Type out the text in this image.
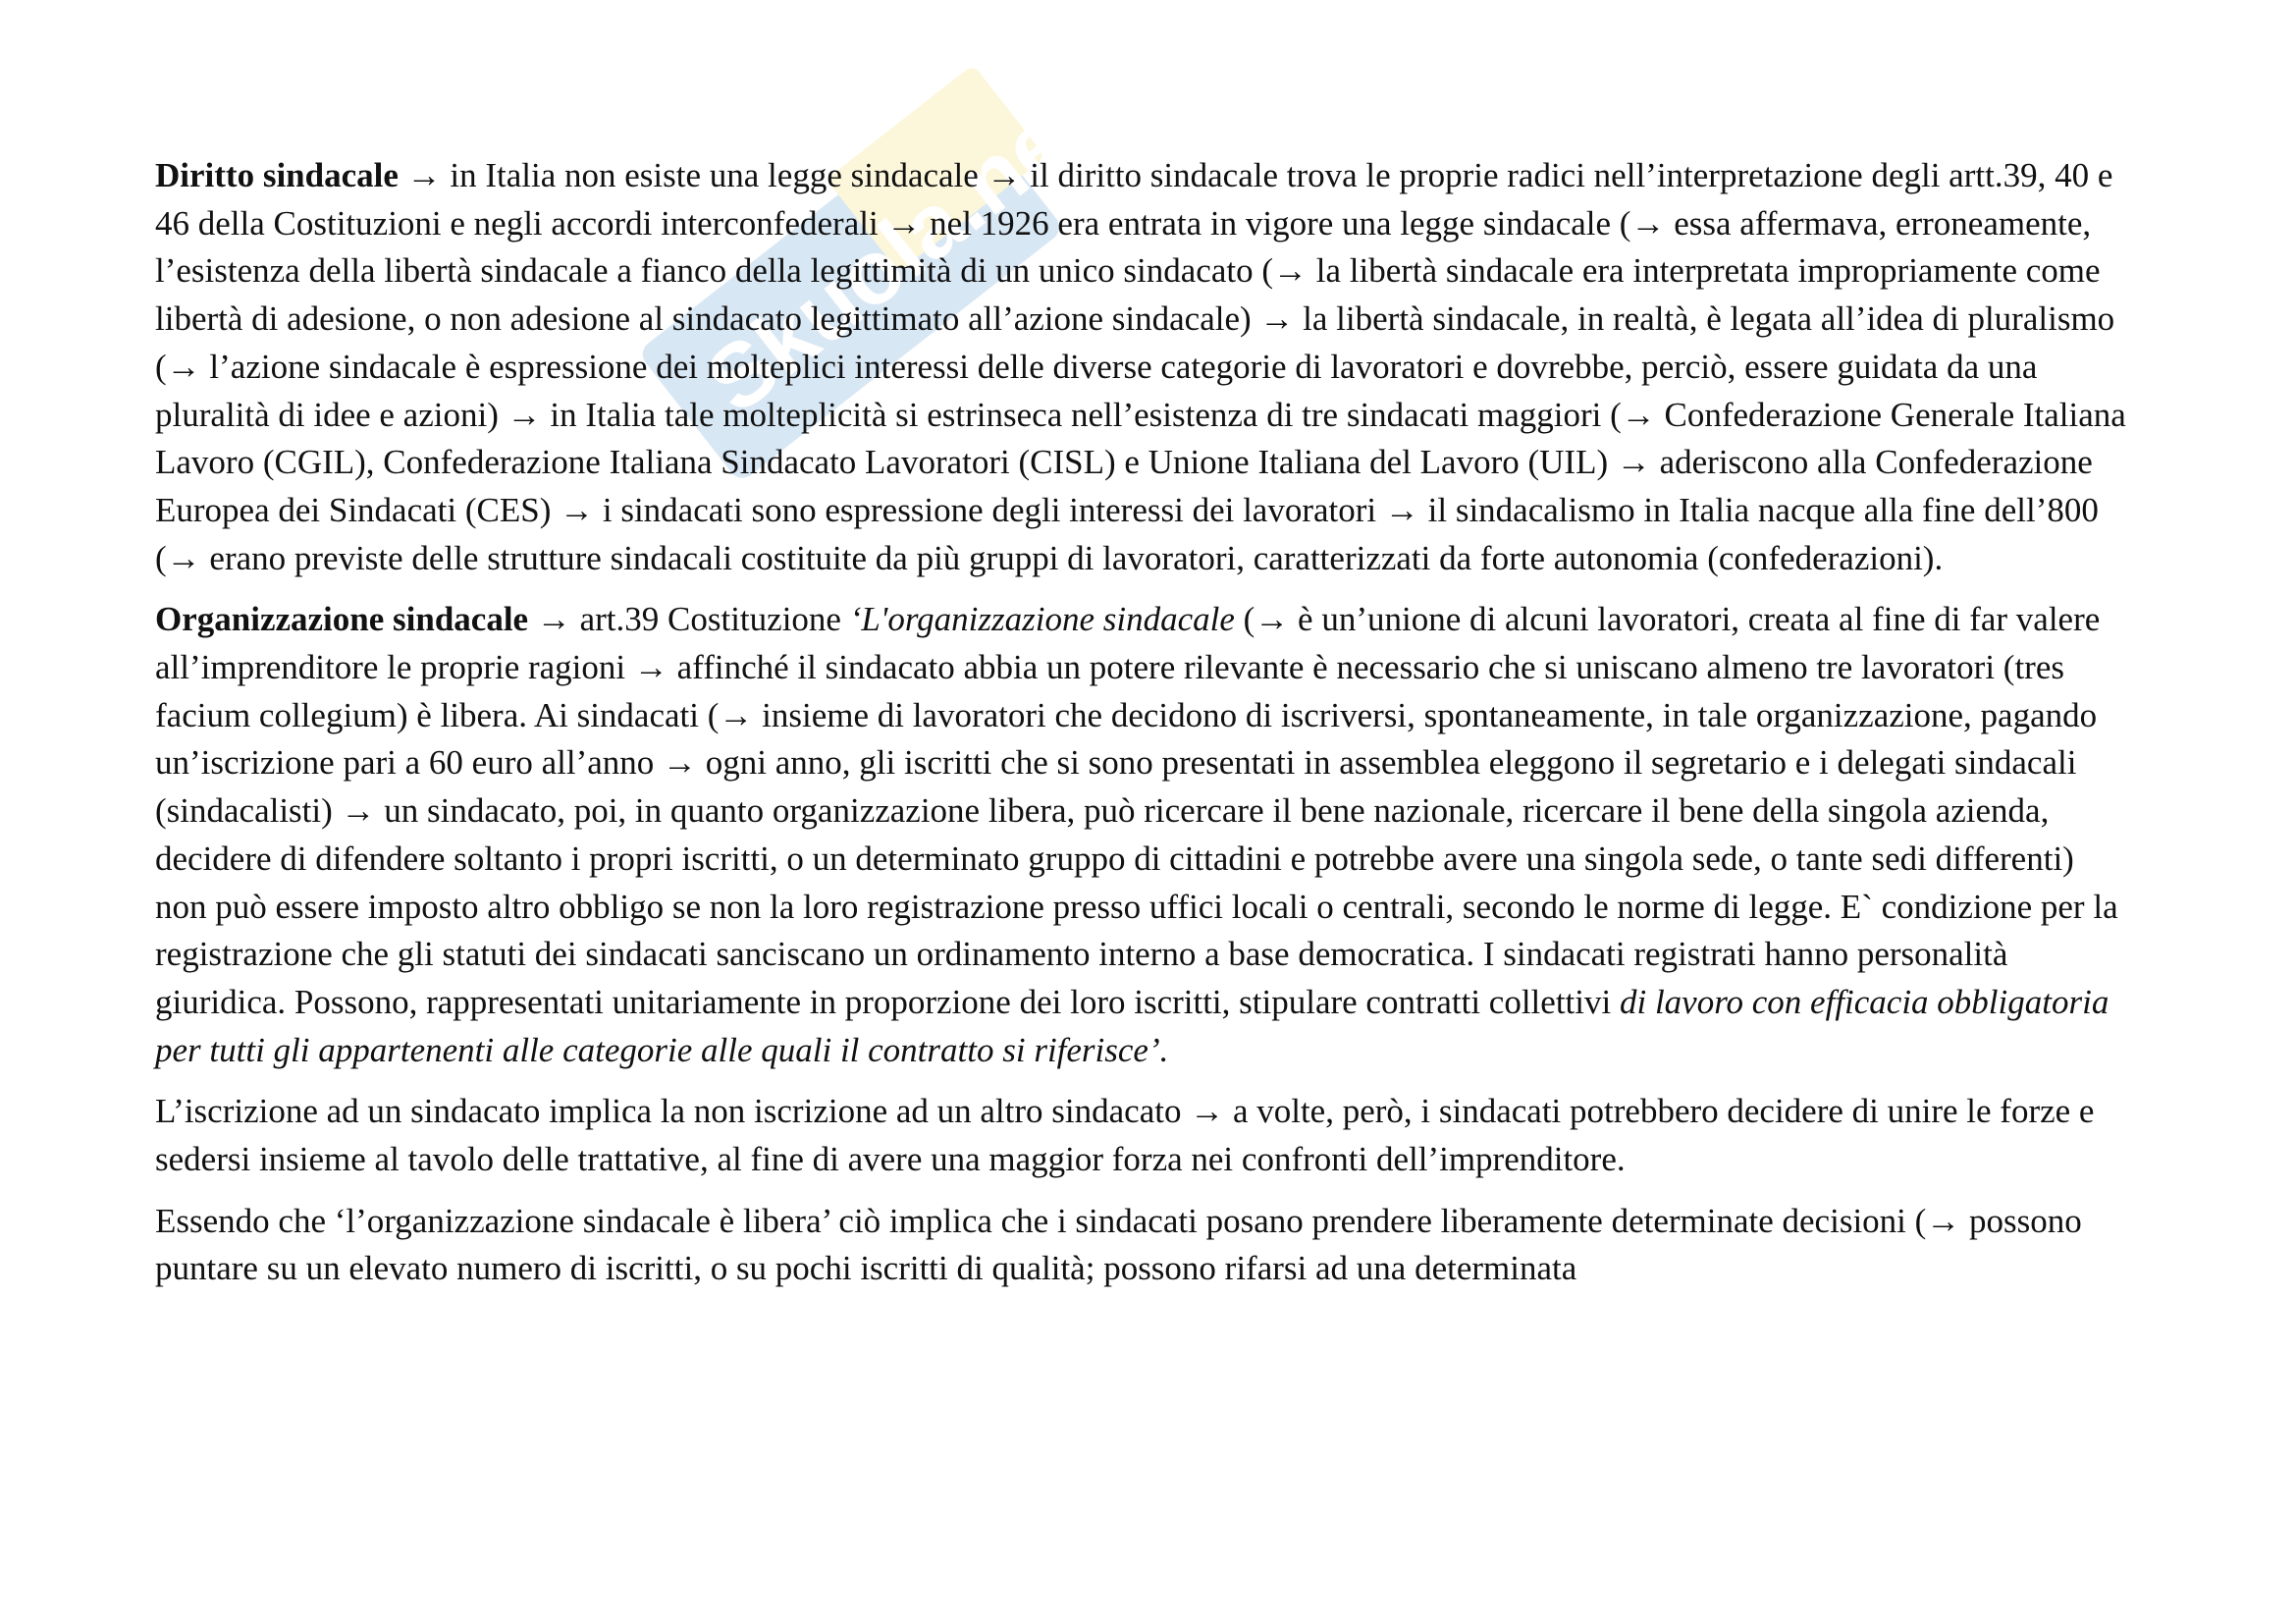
Skuola.net

Diritto sindacale → in Italia non esiste una legge sindacale → il diritto sindacale trova le proprie radici nell’interpretazione degli artt.39, 40 e 46 della Costituzioni e negli accordi interconfederali → nel 1926 era entrata in vigore una legge sindacale (→ essa affermava, erroneamente, l’esistenza della libertà sindacale a fianco della legittimità di un unico sindacato (→ la libertà sindacale era interpretata impropriamente come libertà di adesione, o non adesione al sindacato legittimato all’azione sindacale) → la libertà sindacale, in realtà, è legata all’idea di pluralismo (→ l’azione sindacale è espressione dei molteplici interessi delle diverse categorie di lavoratori e dovrebbe, perciò, essere guidata da una pluralità di idee e azioni) → in Italia tale molteplicità si estrinseca nell’esistenza di tre sindacati maggiori (→ Confederazione Generale Italiana Lavoro (CGIL), Confederazione Italiana Sindacato Lavoratori (CISL) e Unione Italiana del Lavoro (UIL) → aderiscono alla Confederazione Europea dei Sindacati (CES) → i sindacati sono espressione degli interessi dei lavoratori → il sindacalismo in Italia nacque alla fine dell’800 (→ erano previste delle strutture sindacali costituite da più gruppi di lavoratori, caratterizzati da forte autonomia (confederazioni).

Organizzazione sindacale → art.39 Costituzione ‘L'organizzazione sindacale (→ è un’unione di alcuni lavoratori, creata al fine di far valere all’imprenditore le proprie ragioni → affinché il sindacato abbia un potere rilevante è necessario che si uniscano almeno tre lavoratori (tres facium collegium) è libera. Ai sindacati (→ insieme di lavoratori che decidono di iscriversi, spontaneamente, in tale organizzazione, pagando un’iscrizione pari a 60 euro all’anno → ogni anno, gli iscritti che si sono presentati in assemblea eleggono il segretario e i delegati sindacali (sindacalisti) → un sindacato, poi, in quanto organizzazione libera, può ricercare il bene nazionale, ricercare il bene della singola azienda, decidere di difendere soltanto i propri iscritti, o un determinato gruppo di cittadini e potrebbe avere una singola sede, o tante sedi differenti) non può essere imposto altro obbligo se non la loro registrazione presso uffici locali o centrali, secondo le norme di legge. E` condizione per la registrazione che gli statuti dei sindacati sanciscano un ordinamento interno a base democratica. I sindacati registrati hanno personalità giuridica. Possono, rappresentati unitariamente in proporzione dei loro iscritti, stipulare contratti collettivi di lavoro con efficacia obbligatoria per tutti gli appartenenti alle categorie alle quali il contratto si riferisce’.

L’iscrizione ad un sindacato implica la non iscrizione ad un altro sindacato → a volte, però, i sindacati potrebbero decidere di unire le forze e sedersi insieme al tavolo delle trattative, al fine di avere una maggior forza nei confronti dell’imprenditore.

Essendo che ‘l’organizzazione sindacale è libera’ ciò implica che i sindacati posano prendere liberamente determinate decisioni (→ possono puntare su un elevato numero di iscritti, o su pochi iscritti di qualità; possono rifarsi ad una determinata
